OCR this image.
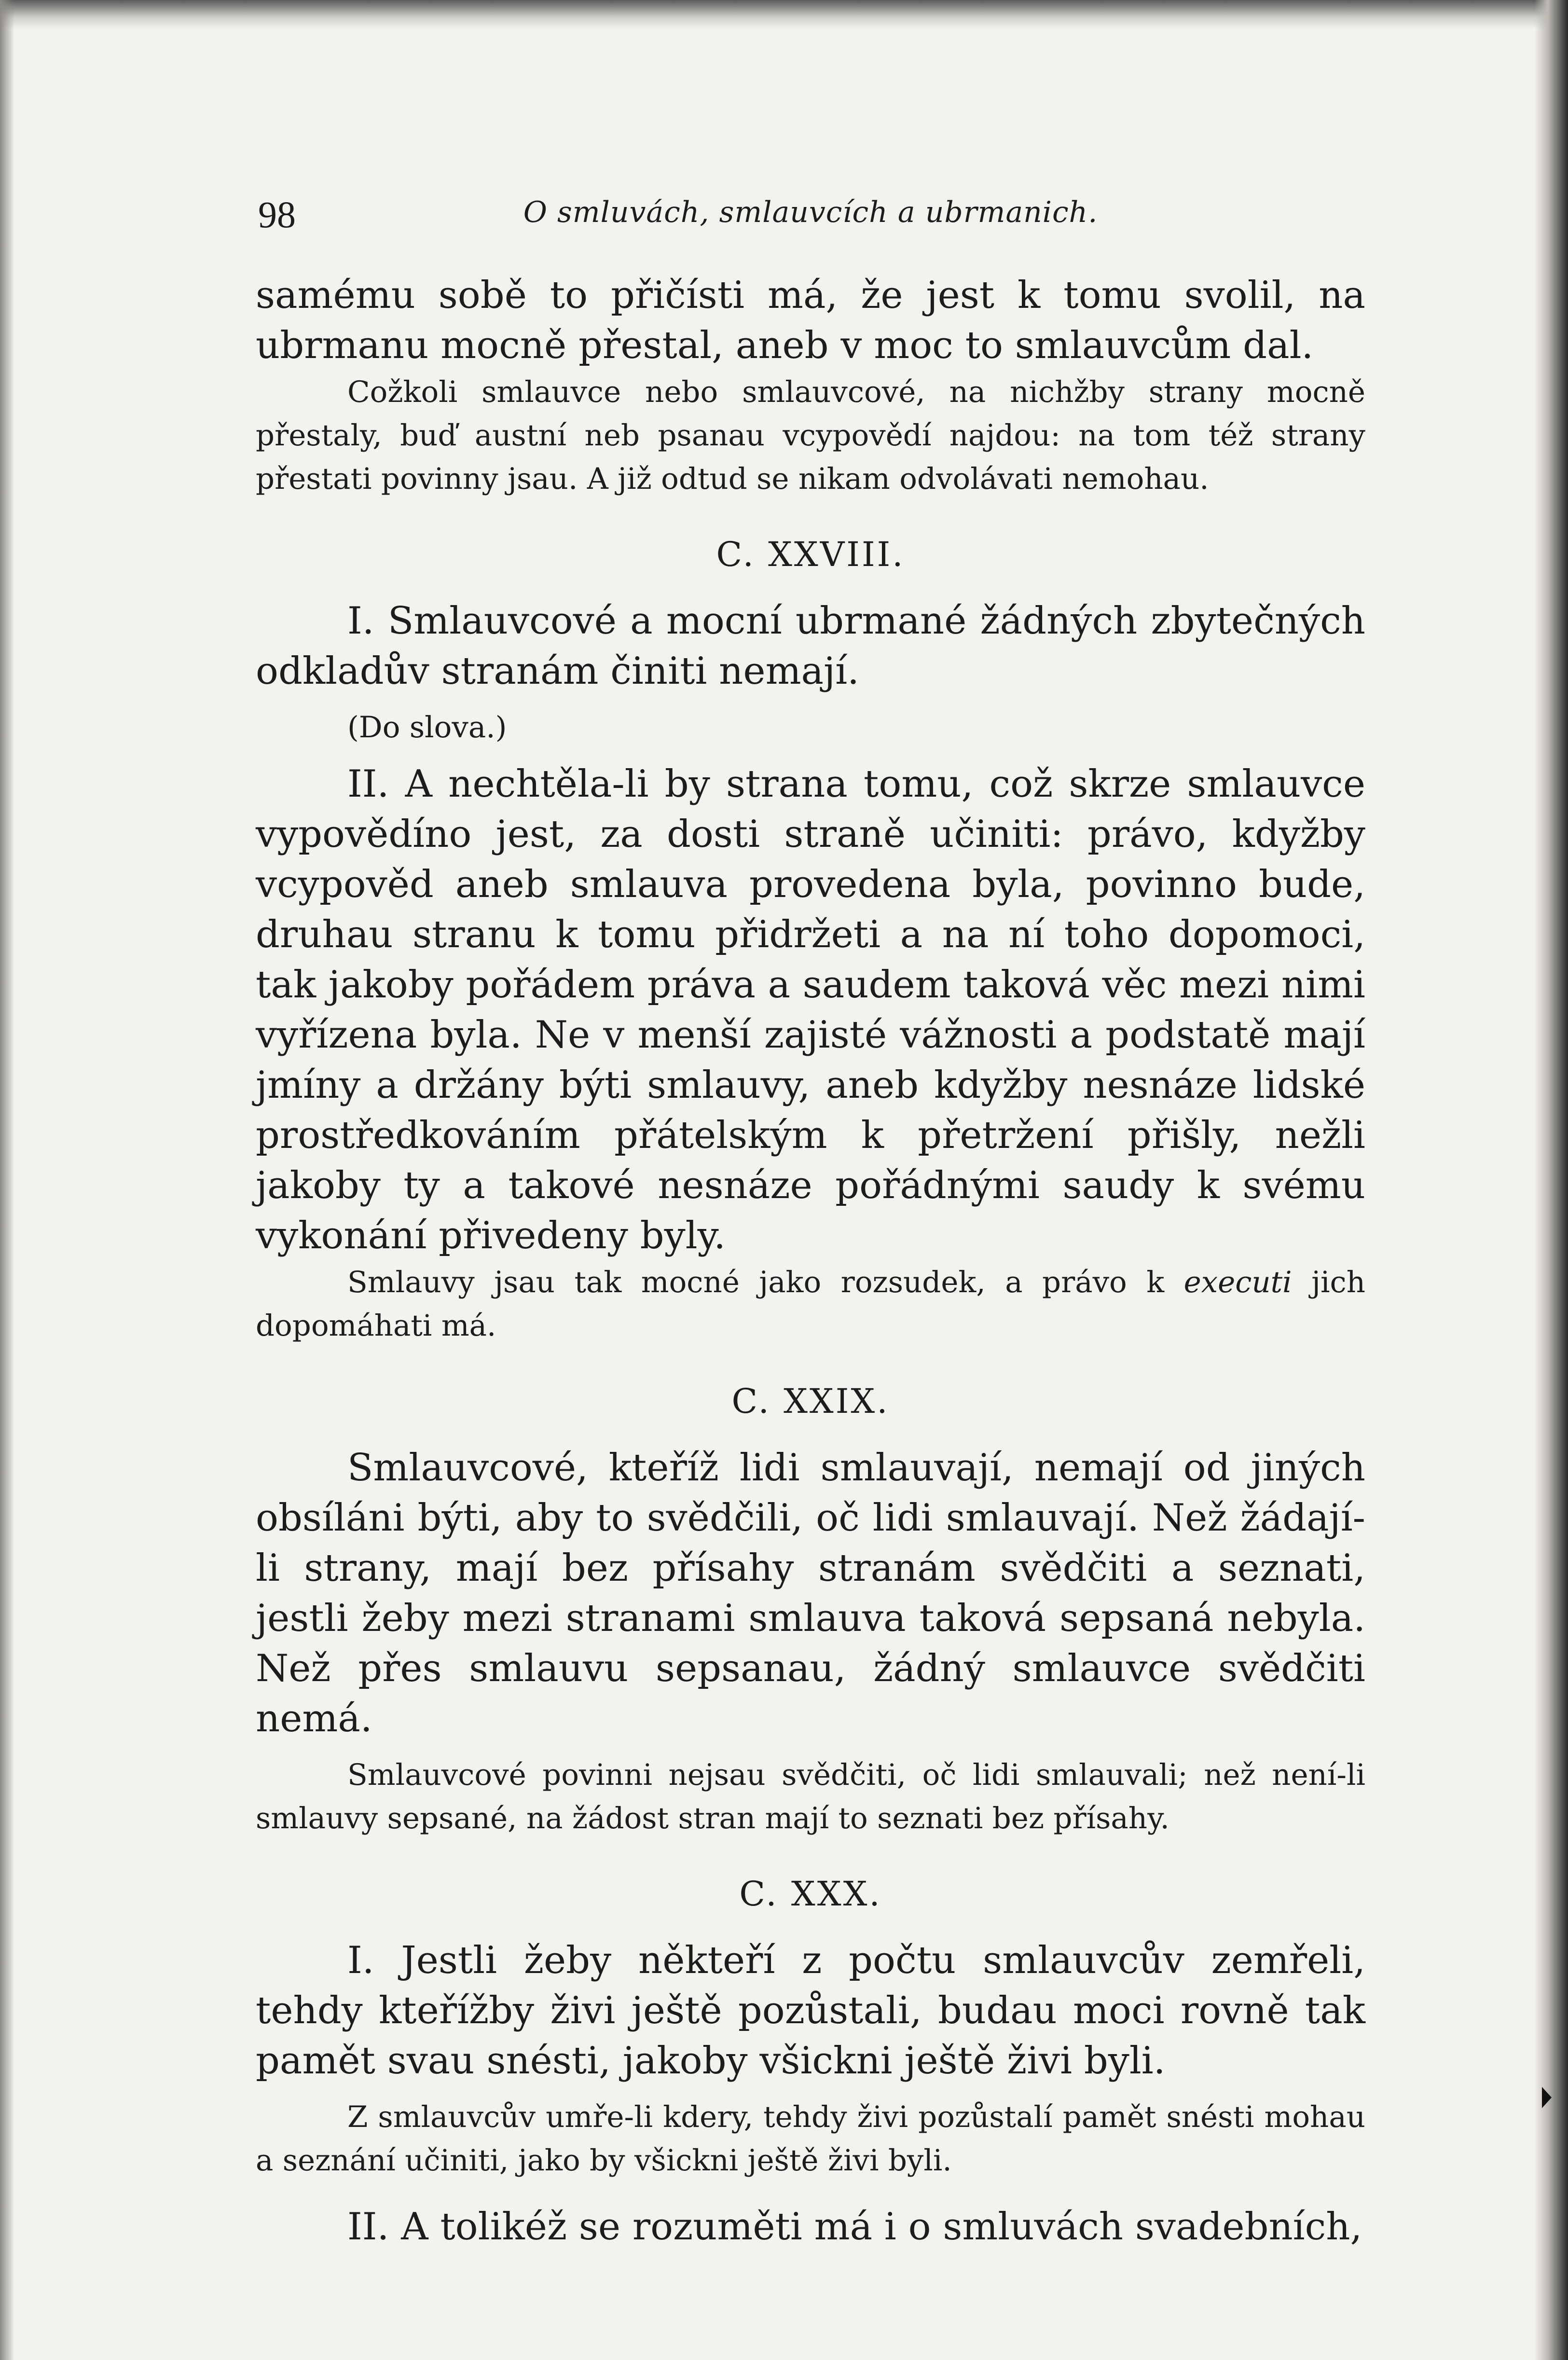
98	O smluvách, smlauvcích a ubrmanich.

samému sobě to přičísti má, že jest k tomu svolil, na ubrmanu mocně přestal, aneb v moc to smlauvcům dal.

Cožkoli smlauvce nebo smlauvcové, na nichžby strany mocně přestaly, buď austní neb psanau vcypovědí najdou: na tom též strany přestati povinny jsau. A již odtud se nikam odvolávati nemohau.

C. XXVIII.

I. Smlauvcové a mocní ubrmané žádných zbytečných odkladův stranám činiti nemají.

(Do slova.)

II. A nechtěla-li by strana tomu, což skrze smlauvce vypovědíno jest, za dosti straně učiniti: právo, kdyžby vcypověd aneb smlauva provedena byla, povinno bude, druhau stranu k tomu přidržeti a na ní toho dopomoci, tak jakoby pořádem práva a saudem taková věc mezi nimi vyřízena byla. Ne v menší zajisté vážnosti a podstatě mají jmíny a držány býti smlauvy, aneb kdyžby nesnáze lidské prostředkováním přátelským k přetržení přišly, nežli jakoby ty a takové nesnáze pořádnými saudy k svému vykonání přivedeny byly.

Smlauvy jsau tak mocné jako rozsudek, a právo k executi jich dopomáhati má.

C. XXIX.

Smlauvcové, kteříž lidi smlauvají, nemají od jiných obsíláni býti, aby to svědčili, oč lidi smlauvají. Než žádají-li strany, mají bez přísahy stranám svědčiti a seznati, jestli žeby mezi stranami smlauva taková sepsaná nebyla. Než přes smlauvu sepsanau, žádný smlauvce svědčiti nemá.

Smlauvcové povinni nejsau svědčiti, oč lidi smlauvali; než není-li smlauvy sepsané, na žádost stran mají to seznati bez přísahy.

C. XXX.

I. Jestli žeby někteří z počtu smlauvcův zemřeli, tehdy kteřížby živi ještě pozůstali, budau moci rovně tak pamět svau snésti, jakoby všickni ještě živi byli.

Z smlauvcův umře-li kdery, tehdy živi pozůstalí pamět snésti mohau a seznání učiniti, jako by všickni ještě živi byli.

II. A tolikéž se rozuměti má i o smluvách svadebních,
